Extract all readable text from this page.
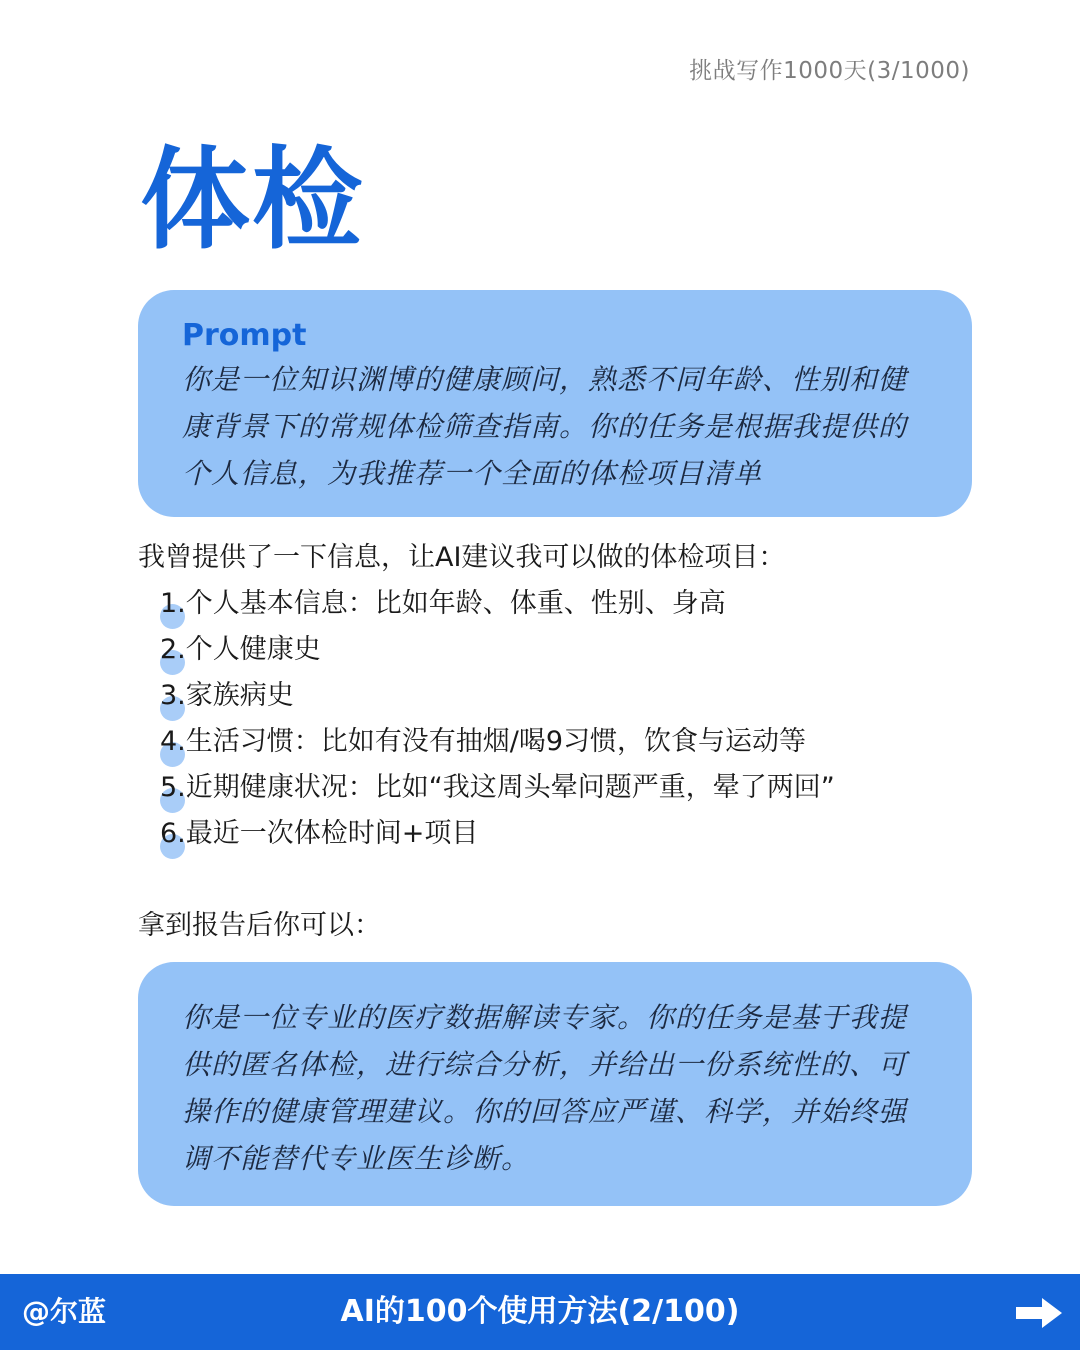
挑战写作1000天(3/1000)
体检
Prompt
你是一位知识渊博的健康顾问，熟悉不同年龄、性别和健
康背景下的常规体检筛查指南。你的任务是根据我提供的
个人信息，为我推荐一个全面的体检项目清单
我曾提供了一下信息，让AI建议我可以做的体检项目：
1.个人基本信息：比如年龄、体重、性别、身高
2.个人健康史
3.家族病史
4.生活习惯：比如有没有抽烟/喝9习惯，饮食与运动等
5.近期健康状况：比如“我这周头晕问题严重，晕了两回”
6.最近一次体检时间+项目
拿到报告后你可以：
你是一位专业的医疗数据解读专家。你的任务是基于我提
供的匿名体检，进行综合分析，并给出一份系统性的、可
操作的健康管理建议。你的回答应严谨、科学，并始终强
调不能替代专业医生诊断。
@尔蓝	AI的100个使用方法(2/100)
